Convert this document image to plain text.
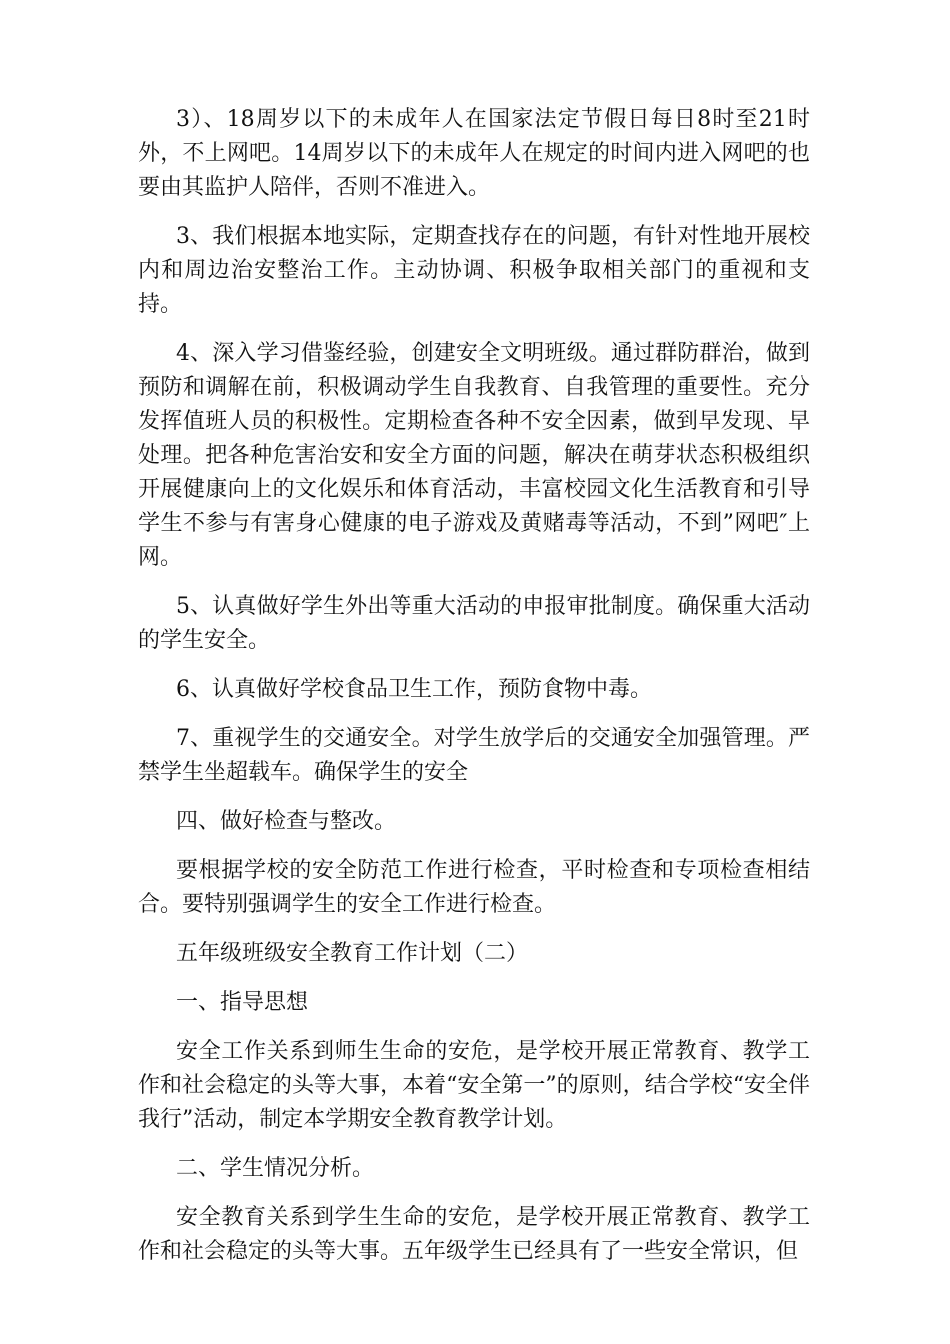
3）、18周岁以下的未成年人在国家法定节假日每日8时至21时外，不上网吧。14周岁以下的未成年人在规定的时间内进入网吧的也要由其监护人陪伴，否则不准进入。

3、我们根据本地实际，定期查找存在的问题，有针对性地开展校内和周边治安整治工作。主动协调、积极争取相关部门的重视和支持。

4、深入学习借鉴经验，创建安全文明班级。通过群防群治，做到预防和调解在前，积极调动学生自我教育、自我管理的重要性。充分发挥值班人员的积极性。定期检查各种不安全因素，做到早发现、早处理。把各种危害治安和安全方面的问题，解决在萌芽状态积极组织开展健康向上的文化娱乐和体育活动，丰富校园文化生活教育和引导学生不参与有害身心健康的电子游戏及黄赌毒等活动，不到”网吧″上网。

5、认真做好学生外出等重大活动的申报审批制度。确保重大活动的学生安全。

6、认真做好学校食品卫生工作，预防食物中毒。

7、重视学生的交通安全。对学生放学后的交通安全加强管理。严禁学生坐超载车。确保学生的安全

四、做好检查与整改。

要根据学校的安全防范工作进行检查，平时检查和专项检查相结合。要特别强调学生的安全工作进行检查。

五年级班级安全教育工作计划（二）

一、指导思想

安全工作关系到师生生命的安危，是学校开展正常教育、教学工作和社会稳定的头等大事，本着“安全第一”的原则，结合学校“安全伴我行”活动，制定本学期安全教育教学计划。

二、学生情况分析。

安全教育关系到学生生命的安危，是学校开展正常教育、教学工作和社会稳定的头等大事。五年级学生已经具有了一些安全常识，但
